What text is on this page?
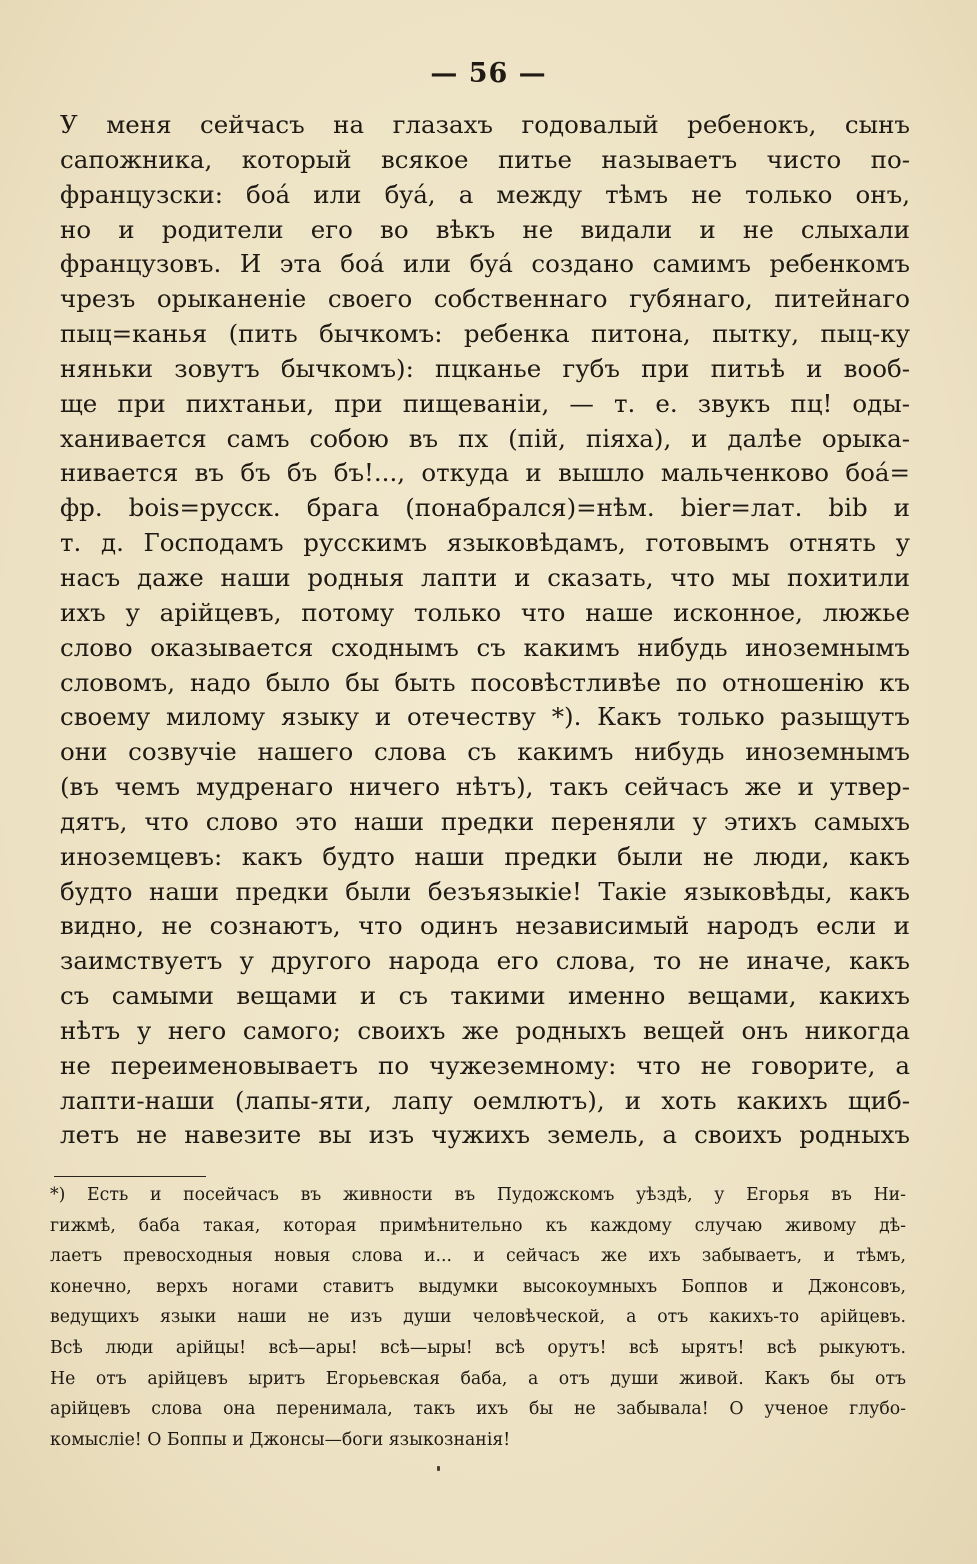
— 56 —
У меня сейчасъ на глазахъ годовалый ребенокъ, сынъ
сапожника, который всякое питье называетъ чисто по-
французски: боá или бyá, а между тѣмъ не только онъ,
но и родители его во вѣкъ не видали и не слыхали
французовъ. И эта боá или бyá создано самимъ ребенкомъ
чрезъ орыканенiе своего собственнаго губянаго, питейнаго
пыц=канья (пить бычкомъ: ребенка питона, пытку, пыц-ку
няньки зовутъ бычкомъ): пцканье губъ при питьѣ и вооб-
ще при пихтаньи, при пищеванiи, — т. е. звукъ пц! оды-
ханивается самъ собою въ пх (пiй, пiяха), и далѣе орыка-
нивается въ бъ бъ бъ!..., откуда и вышло мальченково боá=
фр. bois=русск. брага (понабрался)=нѣм. bier=лат. bib и
т. д. Господамъ русскимъ языковѣдамъ, готовымъ отнять у
насъ даже наши родныя лапти и сказать, что мы похитили
ихъ у арiйцевъ, потому только что наше исконное, люжье
слово оказывается сходнымъ съ какимъ нибудь иноземнымъ
словомъ, надо было бы быть посовѣстливѣе по отношенiю къ
своему милому языку и отечеству *). Какъ только разыщутъ
они созвучiе нашего слова съ какимъ нибудь иноземнымъ
(въ чемъ мудренаго ничего нѣтъ), такъ сейчасъ же и утвер-
дятъ, что слово это наши предки переняли у этихъ самыхъ
иноземцевъ: какъ будто наши предки были не люди, какъ
будто наши предки были безъязыкiе! Такiе языковѣды, какъ
видно, не сознаютъ, что одинъ независимый народъ если и
заимствуетъ у другого народа его слова, то не иначе, какъ
съ самыми вещами и съ такими именно вещами, какихъ
нѣтъ у него самого; своихъ же родныхъ вещей онъ никогда
не переименовываетъ по чужеземному: что не говорите, а
лапти-наши (лапы-яти, лапу оемлютъ), и хоть какихъ щиб-
летъ не навезите вы изъ чужихъ земель, а своихъ родныхъ
*) Есть и посейчасъ въ живности въ Пудожскомъ уѣздѣ, у Егорья въ Ни-
гижмѣ, баба такая, которая примѣнительно къ каждому случаю живому дѣ-
лаетъ превосходныя новыя слова и... и сейчасъ же ихъ забываетъ, и тѣмъ,
конечно, верхъ ногами ставитъ выдумки высокоумныхъ Боппов и Джонсовъ,
ведущихъ языки наши не изъ души человѣческой, а отъ какихъ-то арiйцевъ.
Всѣ люди арiйцы! всѣ—ары! всѣ—ыры! всѣ орутъ! всѣ ырятъ! всѣ рыкуютъ.
Не отъ арiйцевъ ыритъ Егорьевская баба, а отъ души живой. Какъ бы отъ
арiйцевъ слова она перенимала, такъ ихъ бы не забывала! О ученое глубо-
комыслiе! О Боппы и Джонсы—боги языкознанiя!
